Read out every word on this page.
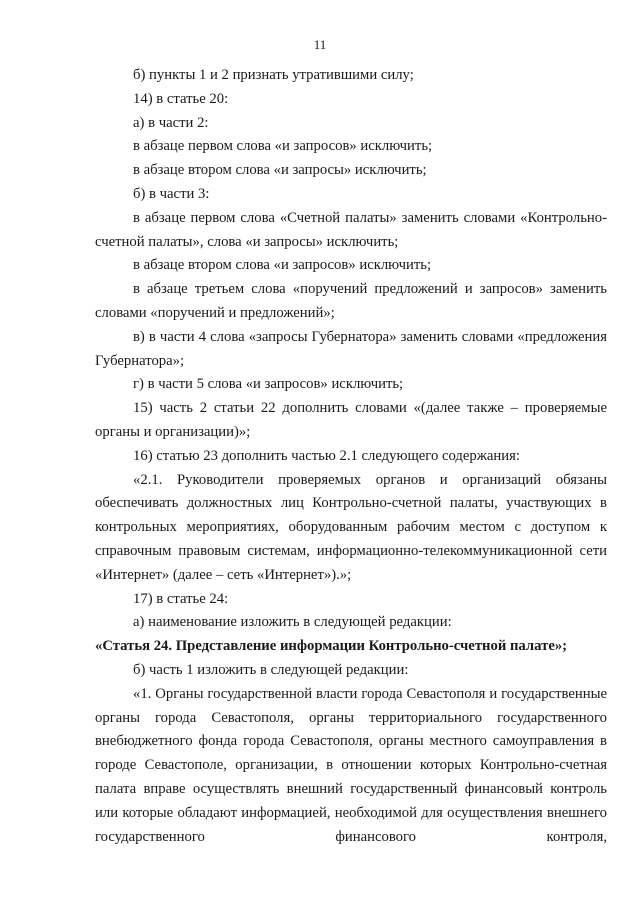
11

б) пункты 1 и 2 признать утратившими силу;

14) в статье 20:

а) в части 2:

в абзаце первом слова «и запросов» исключить;

в абзаце втором слова «и запросы» исключить;

б) в части 3:

в абзаце первом слова «Счетной палаты» заменить словами «Контрольно-счетной палаты», слова «и запросы» исключить;

в абзаце втором слова «и запросов» исключить;

в абзаце третьем слова «поручений предложений и запросов» заменить словами «поручений и предложений»;

в) в части 4 слова «запросы Губернатора» заменить словами «предложения Губернатора»;

г) в части 5 слова «и запросов» исключить;

15) часть 2 статьи 22 дополнить словами «(далее также – проверяемые органы и организации)»;

16) статью 23 дополнить частью 2.1 следующего содержания:

«2.1. Руководители проверяемых органов и организаций обязаны обеспечивать должностных лиц Контрольно-счетной палаты, участвующих в контрольных мероприятиях, оборудованным рабочим местом с доступом к справочным правовым системам, информационно-телекоммуникационной сети «Интернет» (далее – сеть «Интернет»).»;

17) в статье 24:

а) наименование изложить в следующей редакции:

«Статья 24. Представление информации Контрольно-счетной палате»;

б) часть 1 изложить в следующей редакции:

«1. Органы государственной власти города Севастополя и государственные органы города Севастополя, органы территориального государственного внебюджетного фонда города Севастополя, органы местного самоуправления в городе Севастополе, организации, в отношении которых Контрольно-счетная палата вправе осуществлять внешний государственный финансовый контроль или которые обладают информацией, необходимой для осуществления внешнего государственного финансового контроля,
